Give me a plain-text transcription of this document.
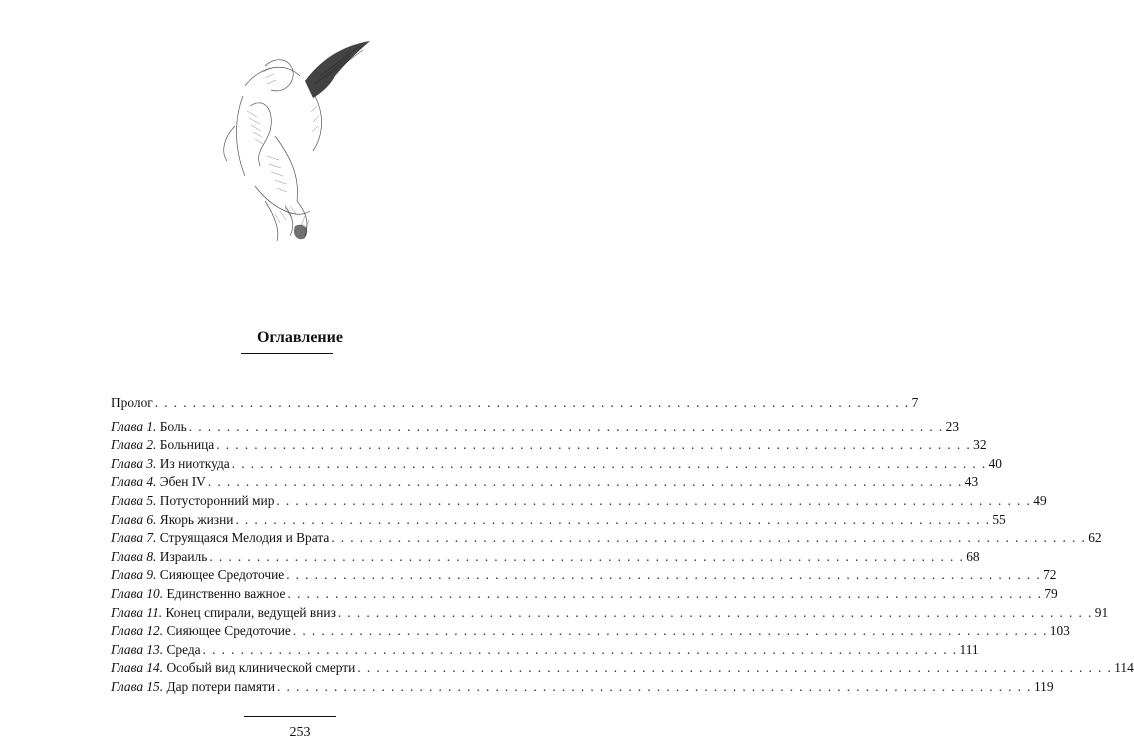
Оглавление
Пролог . . . . . . . . . . . . . . . . . . . . . . . . . . . . . . . . . . . . . . . . . . . . . . . . . . . . . . . . . . . . . . . . . . . . . . . . . . . . . . . . 7
Глава 1.
Боль . . . . . . . . . . . . . . . . . . . . . . . . . . . . . . . . . . . . . . . . . . . . . . . . . . . . . . . . . . . . . . . . . . . . . . . . . . . . . . . . 23
Глава 2.
Больница . . . . . . . . . . . . . . . . . . . . . . . . . . . . . . . . . . . . . . . . . . . . . . . . . . . . . . . . . . . . . . . . . . . . . . . . . . . . . . . . 32
Глава 3.
Из ниоткуда . . . . . . . . . . . . . . . . . . . . . . . . . . . . . . . . . . . . . . . . . . . . . . . . . . . . . . . . . . . . . . . . . . . . . . . . . . . . . . . . 40
Глава 4.
Эбен IV . . . . . . . . . . . . . . . . . . . . . . . . . . . . . . . . . . . . . . . . . . . . . . . . . . . . . . . . . . . . . . . . . . . . . . . . . . . . . . . . 43
Глава 5.
Потусторонний мир . . . . . . . . . . . . . . . . . . . . . . . . . . . . . . . . . . . . . . . . . . . . . . . . . . . . . . . . . . . . . . . . . . . . . . . . . . . . . . . . 49
Глава 6.
Якорь жизни . . . . . . . . . . . . . . . . . . . . . . . . . . . . . . . . . . . . . . . . . . . . . . . . . . . . . . . . . . . . . . . . . . . . . . . . . . . . . . . . 55
Глава 7.
Струящаяся Мелодия и Врата . . . . . . . . . . . . . . . . . . . . . . . . . . . . . . . . . . . . . . . . . . . . . . . . . . . . . . . . . . . . . . . . . . . . . . . . . . . . . . . . 62
Глава 8.
Израиль . . . . . . . . . . . . . . . . . . . . . . . . . . . . . . . . . . . . . . . . . . . . . . . . . . . . . . . . . . . . . . . . . . . . . . . . . . . . . . . . 68
Глава 9.
Сияющее Средоточие . . . . . . . . . . . . . . . . . . . . . . . . . . . . . . . . . . . . . . . . . . . . . . . . . . . . . . . . . . . . . . . . . . . . . . . . . . . . . . . . 72
Глава 10.
Единственно важное . . . . . . . . . . . . . . . . . . . . . . . . . . . . . . . . . . . . . . . . . . . . . . . . . . . . . . . . . . . . . . . . . . . . . . . . . . . . . . . . 79
Глава 11.
Конец спирали, ведущей вниз . . . . . . . . . . . . . . . . . . . . . . . . . . . . . . . . . . . . . . . . . . . . . . . . . . . . . . . . . . . . . . . . . . . . . . . . . . . . . . . . 91
Глава 12.
Сияющее Средоточие . . . . . . . . . . . . . . . . . . . . . . . . . . . . . . . . . . . . . . . . . . . . . . . . . . . . . . . . . . . . . . . . . . . . . . . . . . . . . . . . 103
Глава 13.
Среда . . . . . . . . . . . . . . . . . . . . . . . . . . . . . . . . . . . . . . . . . . . . . . . . . . . . . . . . . . . . . . . . . . . . . . . . . . . . . . . . 111
Глава 14.
Особый вид клинической смерти . . . . . . . . . . . . . . . . . . . . . . . . . . . . . . . . . . . . . . . . . . . . . . . . . . . . . . . . . . . . . . . . . . . . . . . . . . . . . . . . 114
Глава 15.
Дар потери памяти . . . . . . . . . . . . . . . . . . . . . . . . . . . . . . . . . . . . . . . . . . . . . . . . . . . . . . . . . . . . . . . . . . . . . . . . . . . . . . . . 119
253
